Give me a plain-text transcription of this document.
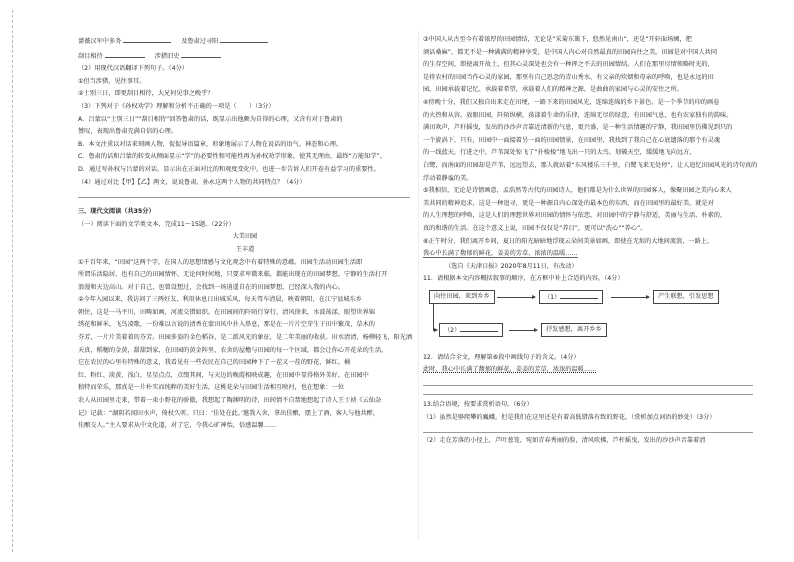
蔷薇汉军中多务	及鲁肃过寻阳
刮目相待	涉猎旧史
（2）用现代汉语翻译下列句子。（4分）
①但当涉猎，见往事耳。
②士别三日，即更刮目相待，大兄何见事之晚乎？
（3）下列对于《孙权劝学》理解和分析不正确的一项是（　　）（3分）
A．吕蒙以“士别三日”“刮目相待”回答鲁肃的话，既显示出他颇为自得的心理，又含有对于鲁肃的
赞叹，表现出鲁肃充满自信的心理。
B．本文注重以对话来刻画人物，侃侃导语篇章，形象地展示了人物在说话的语气、神态和心理。
C．鲁肃的话和吕蒙的转变从侧面显示“学”的必要性和可能性再为孙权劝学形象，使其无理由，最终“万能知学”。
D．通过写孙权与吕蒙的对话，显示出在正面对比的和观度变化中，也进一步告诉人们开卷有益学习的重要性。
（4）通过对比【甲】【乙】两文，说说鲁肃、孙永这两个人物的共同特点？（4分）
三、现代文阅读（共35分）
（一）阅读下面的文学类文本，完成11～15题。（22分）
大美田园
王丰道
①千百年来，“田园”这两个字，在国人的思想情感与文化观念中有着特殊的意蕴。田园生活动田园生活即
所谓乐活隐居，也有自己的田园情怀，无论何时何地，只要求卑微来临，都能出现在的田园梦想，宁静的生活打开
浪漫和天边高山。对于自己，也曾设想过，会找到一场逍遥自在的田园梦想，已经深入我的内心。
②今年入园以来，我访问了三两好友，利用休息日出城采风，每天驾车清晨，映着朝阳，在江宁县城东乡
朝住，这是一马平川，田畴如画，河流交错如织。在田园间的阡陌行穿行，清风徐来，水波荡漾，眼望世界锦
绣花和鲜米，飞鸟凌歌，一份难以言说的清香在蒙田风中扑入鼻息，那是在一片片空芽生于田中繁茂，草木的
芬芳，一片片美着着的芬芳。田园多姿的金色稻谷，是二派风光的象征，是二年美丽的收获。田水清清，杨柳轻飞，阳光洒
天真，稻穗的金黄，甜甜到家，在田园的黄金阵里，农舍的屋檐与田园的每一个区域，都会让你心开花朵的生活，
它在农民的心里有特殊的意义，我看见有一些农民在自己的田园种下了一茬又一茬的野花，鲜红，楠
红、粉红、淡黄、浅白，星星点点，点缀其间，与天边的晚霞相映成趣，在田园中显得格外美好，在田园中
独特而荣乐，那真是一片朴实而纯粹的美好生活，这桃花朵与田园生活相互映衬，也在想象：一位
农人从田园里走来，带着一束小野花的骄傲，我想起了陶渊明的诗，田间情不自禁地想起了诗人王士祯《云仙杂
记》记载：“湖阴若闻田水声，倚杖久听。只曰：‘佳处在此。’邀我入舍，拿出佳酿，摆上了酒，客人与他共醉，
佳酿交人。”主人要求从中文化道，对了它，令我心旷神怡，倍感温馨……
③中国人从古至今有着浓厚的田园情结，无论是“采菊东篱下，悠然见南山”，还是“开轩面场圃，把
酒话桑麻”，都无不是一种满满的精神享受，是中国人内心对自然最真的田园向往之美。田园是对中国人共同
的生存空间，即使离开故土，但其心灵深处也会有一种挥之不去的田园情结。人们在那里尽情领略时光的，
是将农村的田园当作心灵的家园，那里有自己思念的青山秀水、有父亲的炊烟和母亲的呼唤，也是永远的田
园。田园承载着记忆、承载着希望，承载着人们的精神之源，是曲曲的家园与心灵的安住之所。
④傍晚十分，我们又独自出来走在田埂，一路下来的田园风光，连绵连绵的乡下景色，是一个季节的印的画卷
的火热和从容。放眼田园，阡陌纵横，荡漾着生命的乐律，连绵无尽的绿意，有田园气息，也有农家独有的韵味。
满田欢声，芦秆摇曳，发出的沙沙声音靠近清新的气息，更兴盛，是一种生活情趣的宁静，我田园里仿佛见到只的
一个旋涡下，只有，田园中一面接着另一面的田园情景，在田园里，我找到了我自己在心底遗落的那个有灵魂
的一线蓝天，行进之中，芦苇深处惊飞了“扑棱棱”地飞出一只的大鸟，划破天空，缓缓地飞向远方，
白鹭，而南面的田园却是芦苇，远远望去，那人就站着“东风楼乐三千里，白鹭飞来无处停”，让人追忆田园风光的诗句真的
浮动着静谧的美。
⑤我相信，无论是诗情画意，孟浩然等古代的田园诗人，他们都是为什么世界的田园客人，像聚田园之美内心来人
美共同的精神追求，这是一种追寻，更是一种源自内心深处的最本色的东西，而在田园里的最好美，就是对
的人生理想的呼唤，这是人们的理想世界对田园的情怀与依恋，对田园中的宁静与舒适，美丽与生活、朴素的，
真的和谐的生活。在这个意义上说，田园不仅仅是“养目”，更可以“洗心”“养心”。
⑥正午时分，我们离开乡间，夏日的阳光暗暗地浮现云朵间美景如画，即使在无垠的大地间流浪，一路上，
我心中长满了馥郁的鲜花，姜姜的芳草，浓浓的温暖……
（选自《天津日报》2020年8月11日，有改动）
11．请根据本文内容概括叙事的顺序，在方框中补上合适的内容。（4分）
向往田园，来到乡乡	（1）	产生联想，引发思想
（2）	抒发感想，离开乡乡
12．请结合全文，理解第⑥段中画线句子的含义。（4分）
此时，我心中长满了馥郁的鲜花，姜姜的芳草，浓浓的温暖……
13.结合语境，按要求赏析语句。（6分）
（1）虽然是够爬攀的巍峨，但是我们在这里还是有着高低错落有致的野花。（赏析加点词语的妙处）（3分）
（2）走在芳落的小径上，芦叶葱笼，宛如青春秀丽的脸，清风吹拂，芦杆摇曳，发出的沙沙声音靠着清
